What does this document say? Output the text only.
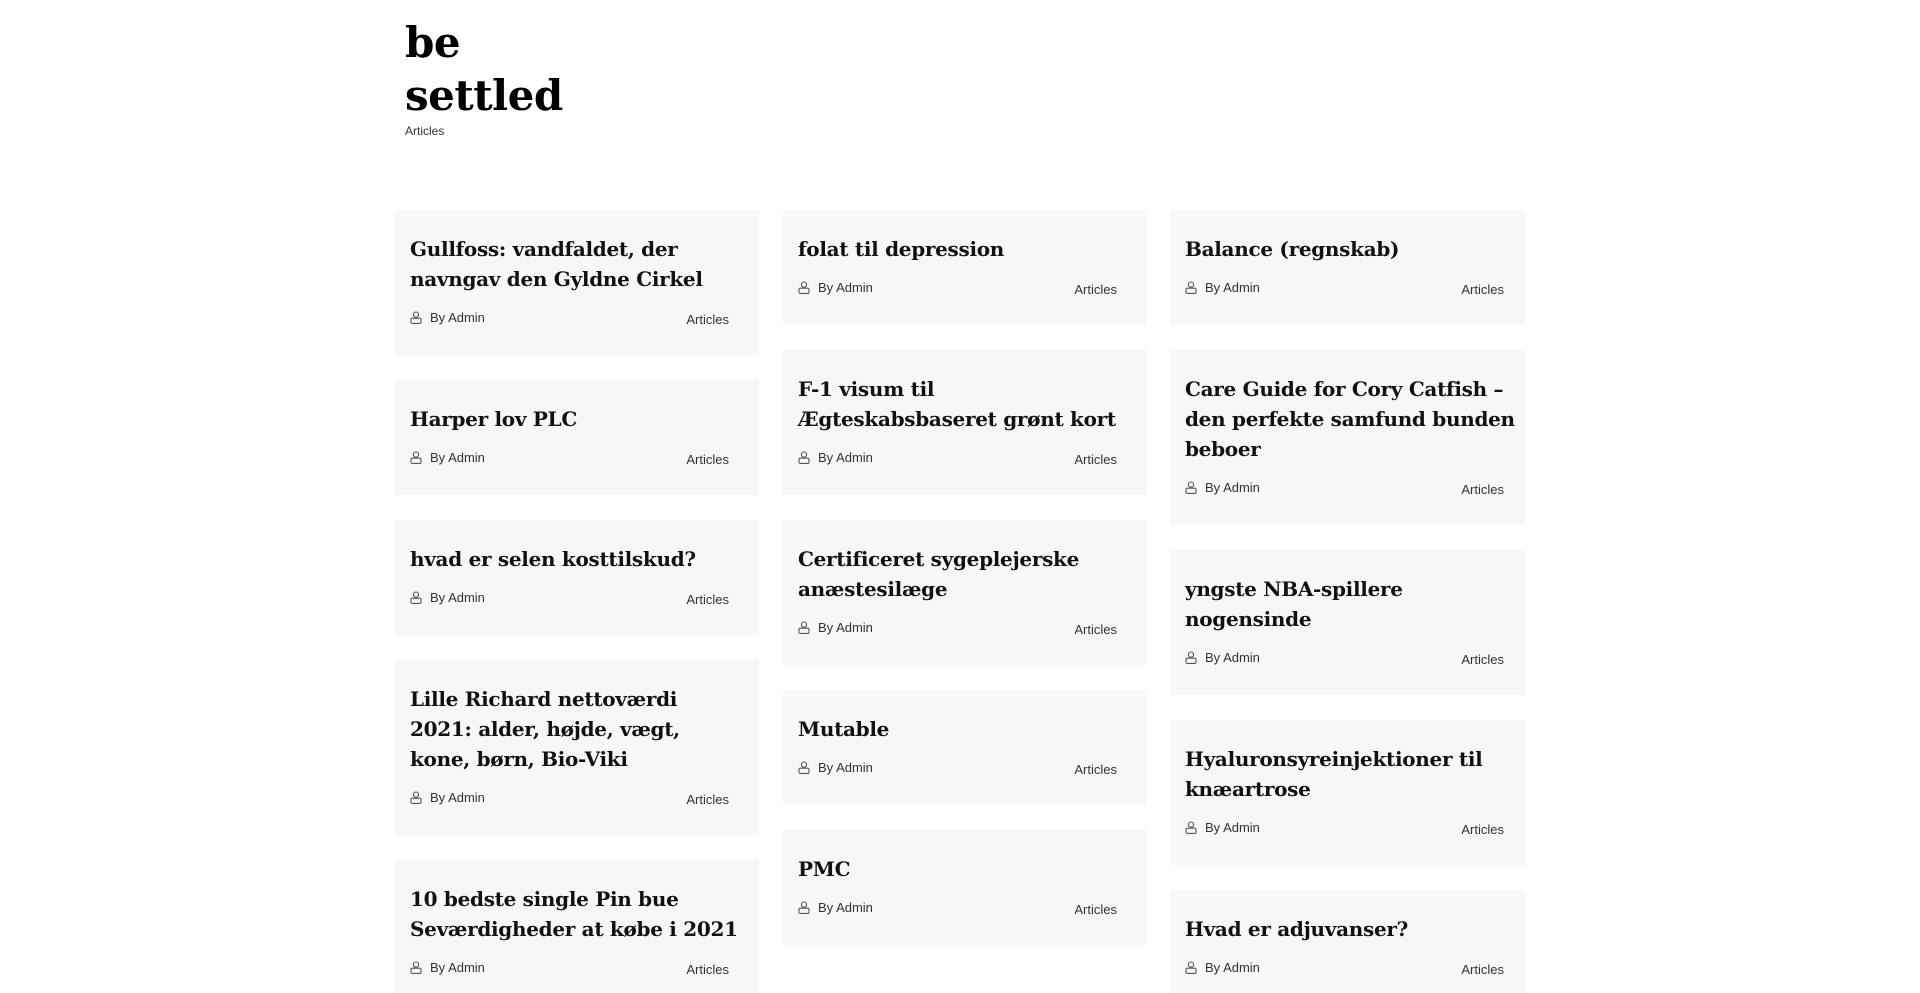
be
settled
Articles
Gullfoss: vandfaldet, der navngav den Gyldne Cirkel
By Admin	Articles
Harper lov PLC
By Admin	Articles
hvad er selen kosttilskud?
By Admin	Articles
Lille Richard nettoværdi 2021: alder, højde, vægt, kone, børn, Bio-Viki
By Admin	Articles
10 bedste single Pin bue Seværdigheder at købe i 2021
By Admin	Articles
folat til depression
By Admin	Articles
F-1 visum til Ægteskabsbaseret grønt kort
By Admin	Articles
Certificeret sygeplejerske anæstesilæge
By Admin	Articles
Mutable
By Admin	Articles
PMC
By Admin	Articles
Balance (regnskab)
By Admin	Articles
Care Guide for Cory Catfish – den perfekte samfund bunden beboer
By Admin	Articles
yngste NBA-spillere nogensinde
By Admin	Articles
Hyaluronsyreinjektioner til knæartrose
By Admin	Articles
Hvad er adjuvanser?
By Admin	Articles
